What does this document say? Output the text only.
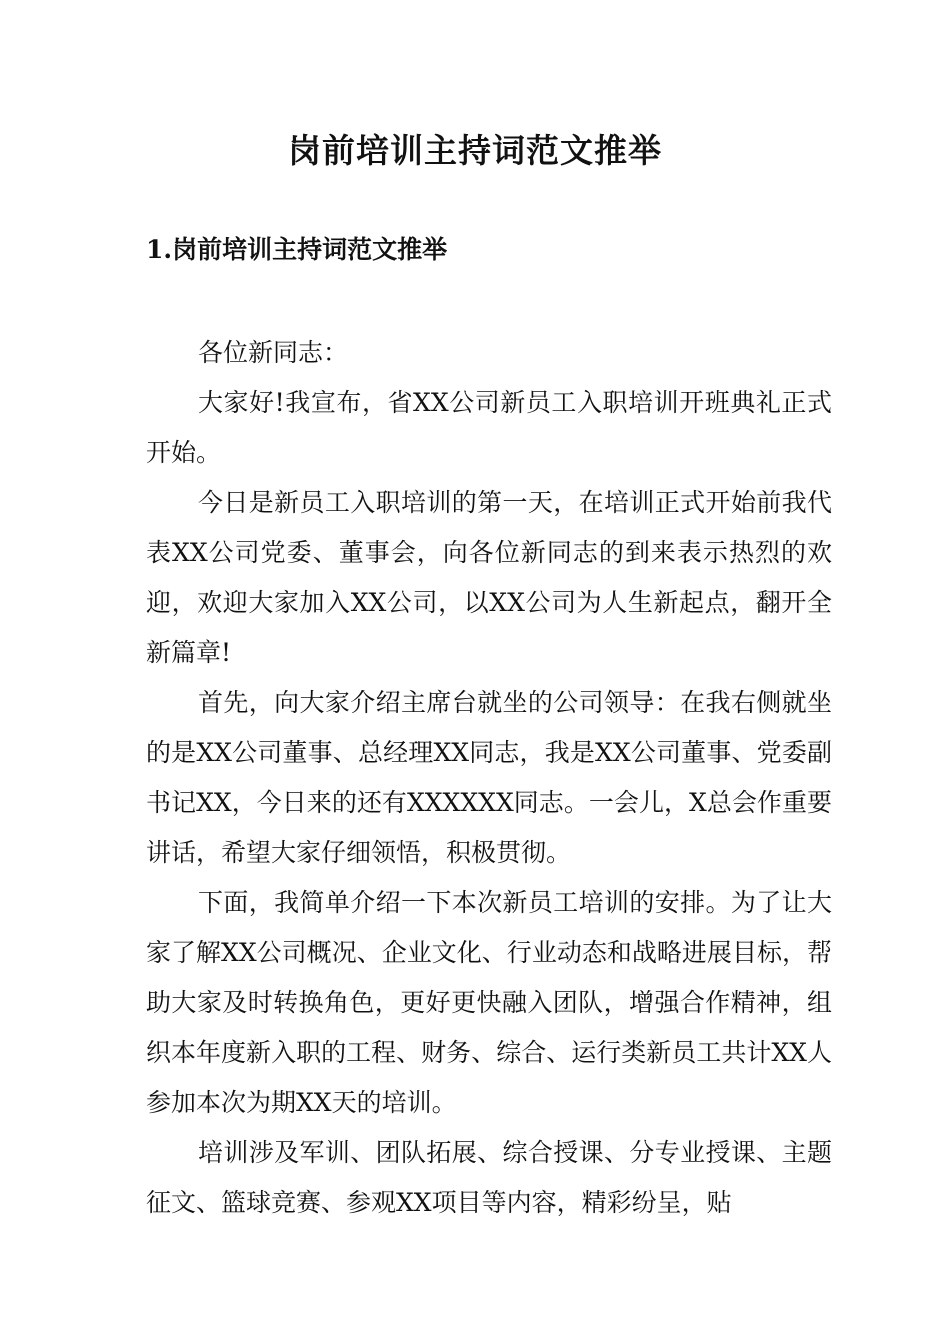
岗前培训主持词范文推举
1.岗前培训主持词范文推举

各位新同志：

大家好!我宣布，省XX公司新员工入职培训开班典礼正式开始。

今日是新员工入职培训的第一天，在培训正式开始前我代表XX公司党委、董事会，向各位新同志的到来表示热烈的欢迎，欢迎大家加入XX公司，以XX公司为人生新起点，翻开全新篇章!

首先，向大家介绍主席台就坐的公司领导：在我右侧就坐的是XX公司董事、总经理XX同志，我是XX公司董事、党委副书记XX，今日来的还有XXXXXX同志。一会儿，X总会作重要讲话，希望大家仔细领悟，积极贯彻。

下面，我简单介绍一下本次新员工培训的安排。为了让大家了解XX公司概况、企业文化、行业动态和战略进展目标，帮助大家及时转换角色，更好更快融入团队，增强合作精神，组织本年度新入职的工程、财务、综合、运行类新员工共计XX人参加本次为期XX天的培训。

培训涉及军训、团队拓展、综合授课、分专业授课、主题征文、篮球竞赛、参观XX项目等内容，精彩纷呈，贴
